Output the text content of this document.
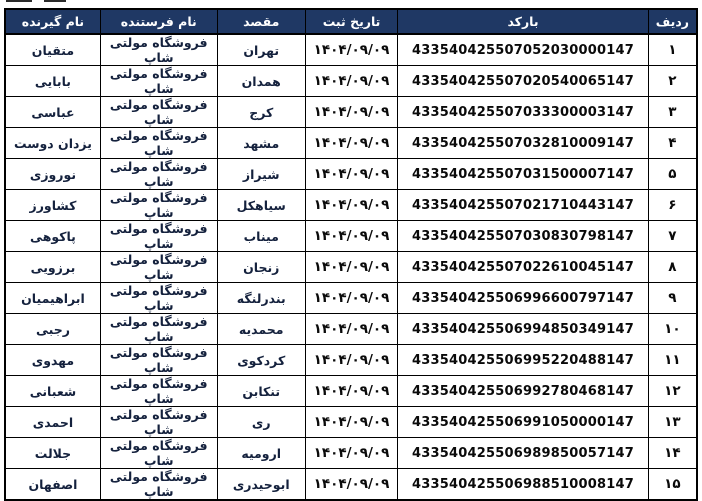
ردیف	بارکد	تاریخ ثبت	مقصد	نام فرستنده	نام گیرنده
۱	433540425507052030000147	۱۴۰۴/۰۹/۰۹	تهران	فروشگاه مولتی شاپ	متقیان
۲	433540425507020540065147	۱۴۰۴/۰۹/۰۹	همدان	فروشگاه مولتی شاپ	بابایی
۳	433540425507033300003147	۱۴۰۴/۰۹/۰۹	کرج	فروشگاه مولتی شاپ	عباسی
۴	433540425507032810009147	۱۴۰۴/۰۹/۰۹	مشهد	فروشگاه مولتی شاپ	یزدان دوست
۵	433540425507031500007147	۱۴۰۴/۰۹/۰۹	شیراز	فروشگاه مولتی شاپ	نوروزی
۶	433540425507021710443147	۱۴۰۴/۰۹/۰۹	سیاهکل	فروشگاه مولتی شاپ	کشاورز
۷	433540425507030830798147	۱۴۰۴/۰۹/۰۹	میناب	فروشگاه مولتی شاپ	پاکوهی
۸	433540425507022610045147	۱۴۰۴/۰۹/۰۹	زنجان	فروشگاه مولتی شاپ	برزویی
۹	433540425506996600797147	۱۴۰۴/۰۹/۰۹	بندرلنگه	فروشگاه مولتی شاپ	ابراهیمیان
۱۰	433540425506994850349147	۱۴۰۴/۰۹/۰۹	محمدیه	فروشگاه مولتی شاپ	رجبی
۱۱	433540425506995220488147	۱۴۰۴/۰۹/۰۹	کردکوی	فروشگاه مولتی شاپ	مهدوی
۱۲	433540425506992780468147	۱۴۰۴/۰۹/۰۹	تنکابن	فروشگاه مولتی شاپ	شعبانی
۱۳	433540425506991050000147	۱۴۰۴/۰۹/۰۹	ری	فروشگاه مولتی شاپ	احمدی
۱۴	433540425506989850057147	۱۴۰۴/۰۹/۰۹	ارومیه	فروشگاه مولتی شاپ	جلالت
۱۵	433540425506988510008147	۱۴۰۴/۰۹/۰۹	ابوحیدری	فروشگاه مولتی شاپ	اصفهان
